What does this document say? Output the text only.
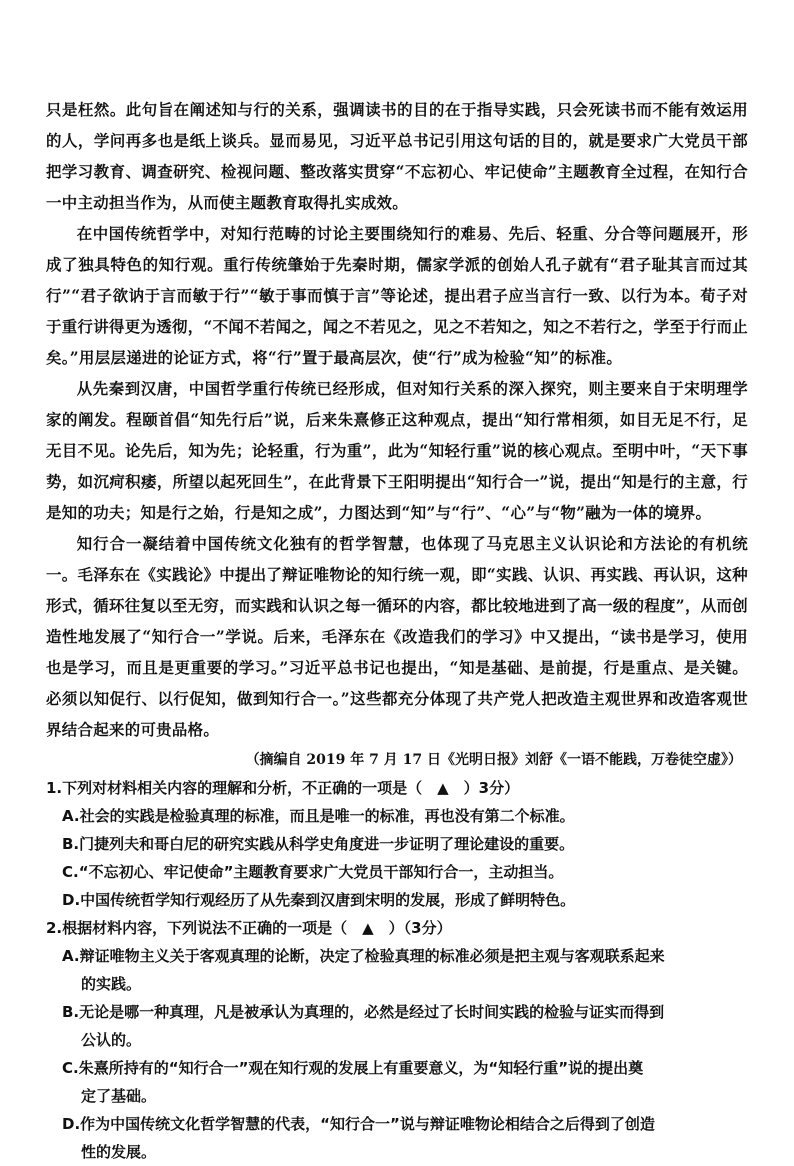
只是枉然。此句旨在阐述知与行的关系，强调读书的目的在于指导实践，只会死读书而不能有效运用的人，学问再多也是纸上谈兵。显而易见，习近平总书记引用这句话的目的，就是要求广大党员干部把学习教育、调查研究、检视问题、整改落实贯穿“不忘初心、牢记使命”主题教育全过程，在知行合一中主动担当作为，从而使主题教育取得扎实成效。

在中国传统哲学中，对知行范畴的讨论主要围绕知行的难易、先后、轻重、分合等问题展开，形成了独具特色的知行观。重行传统肇始于先秦时期，儒家学派的创始人孔子就有“君子耻其言而过其行”“君子欲讷于言而敏于行”“敏于事而慎于言”等论述，提出君子应当言行一致、以行为本。荀子对于重行讲得更为透彻，“不闻不若闻之，闻之不若见之，见之不若知之，知之不若行之，学至于行而止矣。”用层层递进的论证方式，将“行”置于最高层次，使“行”成为检验“知”的标准。

从先秦到汉唐，中国哲学重行传统已经形成，但对知行关系的深入探究，则主要来自于宋明理学家的阐发。程颐首倡“知先行后”说，后来朱熹修正这种观点，提出“知行常相须，如目无足不行，足无目不见。论先后，知为先；论轻重，行为重”，此为“知轻行重”说的核心观点。至明中叶，“天下事势，如沉疴积痿，所望以起死回生”，在此背景下王阳明提出“知行合一”说，提出“知是行的主意，行是知的功夫；知是行之始，行是知之成”，力图达到“知”与“行”、“心”与“物”融为一体的境界。

知行合一凝结着中国传统文化独有的哲学智慧，也体现了马克思主义认识论和方法论的有机统一。毛泽东在《实践论》中提出了辩证唯物论的知行统一观，即“实践、认识、再实践、再认识，这种形式，循环往复以至无穷，而实践和认识之每一循环的内容，都比较地进到了高一级的程度”，从而创造性地发展了“知行合一”学说。后来，毛泽东在《改造我们的学习》中又提出，“读书是学习，使用也是学习，而且是更重要的学习。”习近平总书记也提出，“知是基础、是前提，行是重点、是关键。必须以知促行、以行促知，做到知行合一。”这些都充分体现了共产党人把改造主观世界和改造客观世界结合起来的可贵品格。

（摘编自 2019 年 7 月 17 日《光明日报》刘舒《一语不能践，万卷徒空虚》）

1.下列对材料相关内容的理解和分析，不正确的一项是（　▲　）3分）

A.社会的实践是检验真理的标准，而且是唯一的标准，再也没有第二个标准。

B.门捷列夫和哥白尼的研究实践从科学史角度进一步证明了理论建设的重要。

C.“不忘初心、牢记使命”主题教育要求广大党员干部知行合一，主动担当。

D.中国传统哲学知行观经历了从先秦到汉唐到宋明的发展，形成了鲜明特色。

2.根据材料内容，下列说法不正确的一项是（　▲　）（3分）

A.辩证唯物主义关于客观真理的论断，决定了检验真理的标准必须是把主观与客观联系起来
的实践。

B.无论是哪一种真理，凡是被承认为真理的，必然是经过了长时间实践的检验与证实而得到
公认的。

C.朱熹所持有的“知行合一”观在知行观的发展上有重要意义，为“知轻行重”说的提出奠
定了基础。

D.作为中国传统文化哲学智慧的代表，“知行合一”说与辩证唯物论相结合之后得到了创造
性的发展。
